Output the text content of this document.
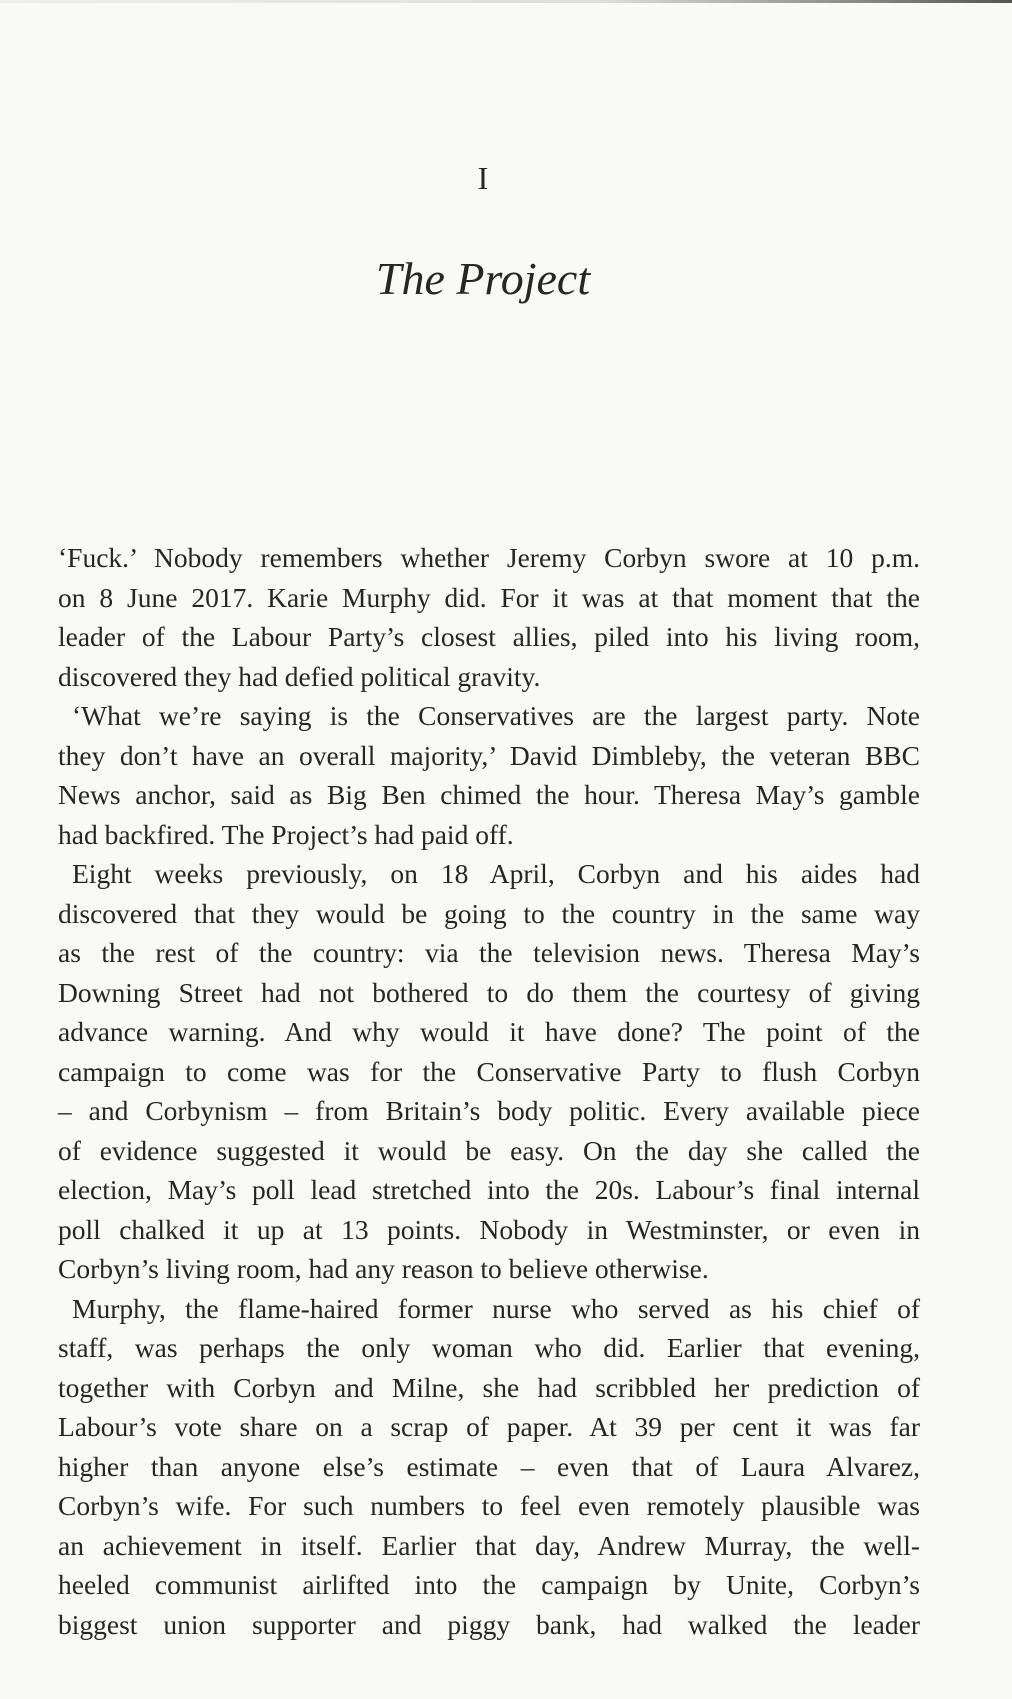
I
The Project
‘Fuck.’ Nobody remembers whether Jeremy Corbyn swore at 10 p.m.
on 8 June 2017. Karie Murphy did. For it was at that moment that the
leader of the Labour Party’s closest allies, piled into his living room,
discovered they had defied political gravity.
‘What we’re saying is the Conservatives are the largest party. Note
they don’t have an overall majority,’ David Dimbleby, the veteran BBC
News anchor, said as Big Ben chimed the hour. Theresa May’s gamble
had backfired. The Project’s had paid off.
Eight weeks previously, on 18 April, Corbyn and his aides had
discovered that they would be going to the country in the same way
as the rest of the country: via the television news. Theresa May’s
Downing Street had not bothered to do them the courtesy of giving
advance warning. And why would it have done? The point of the
campaign to come was for the Conservative Party to flush Corbyn
– and Corbynism – from Britain’s body politic. Every available piece
of evidence suggested it would be easy. On the day she called the
election, May’s poll lead stretched into the 20s. Labour’s final internal
poll chalked it up at 13 points. Nobody in Westminster, or even in
Corbyn’s living room, had any reason to believe otherwise.
Murphy, the flame-haired former nurse who served as his chief of
staff, was perhaps the only woman who did. Earlier that evening,
together with Corbyn and Milne, she had scribbled her prediction of
Labour’s vote share on a scrap of paper. At 39 per cent it was far
higher than anyone else’s estimate – even that of Laura Alvarez,
Corbyn’s wife. For such numbers to feel even remotely plausible was
an achievement in itself. Earlier that day, Andrew Murray, the well-
heeled communist airlifted into the campaign by Unite, Corbyn’s
biggest union supporter and piggy bank, had walked the leader
